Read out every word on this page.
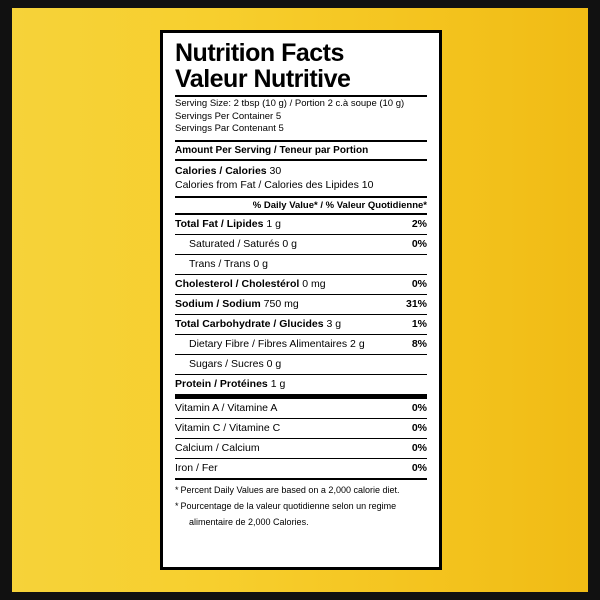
Nutrition Facts
Valeur Nutritive
Serving Size: 2 tbsp (10 g) / Portion 2 c.à soupe (10 g)
Servings Per Container 5
Servings Par Contenant 5
Amount Per Serving / Teneur par Portion
Calories / Calories 30
Calories from Fat / Calories des Lipides 10
% Daily Value* / % Valeur Quotidienne*
Total Fat / Lipides 1 g	2%
Saturated / Saturés 0 g	0%
Trans / Trans 0 g
Cholesterol / Cholestérol 0 mg	0%
Sodium / Sodium 750 mg	31%
Total Carbohydrate / Glucides 3 g	1%
Dietary Fibre / Fibres Alimentaires 2 g	8%
Sugars / Sucres 0 g
Protein / Protéines 1 g
Vitamin A / Vitamine A	0%
Vitamin C / Vitamine C	0%
Calcium / Calcium	0%
Iron / Fer	0%

* Percent Daily Values are based on a 2,000 calorie diet.

* Pourcentage de la valeur quotidienne selon un regime

alimentaire de 2,000 Calories.
